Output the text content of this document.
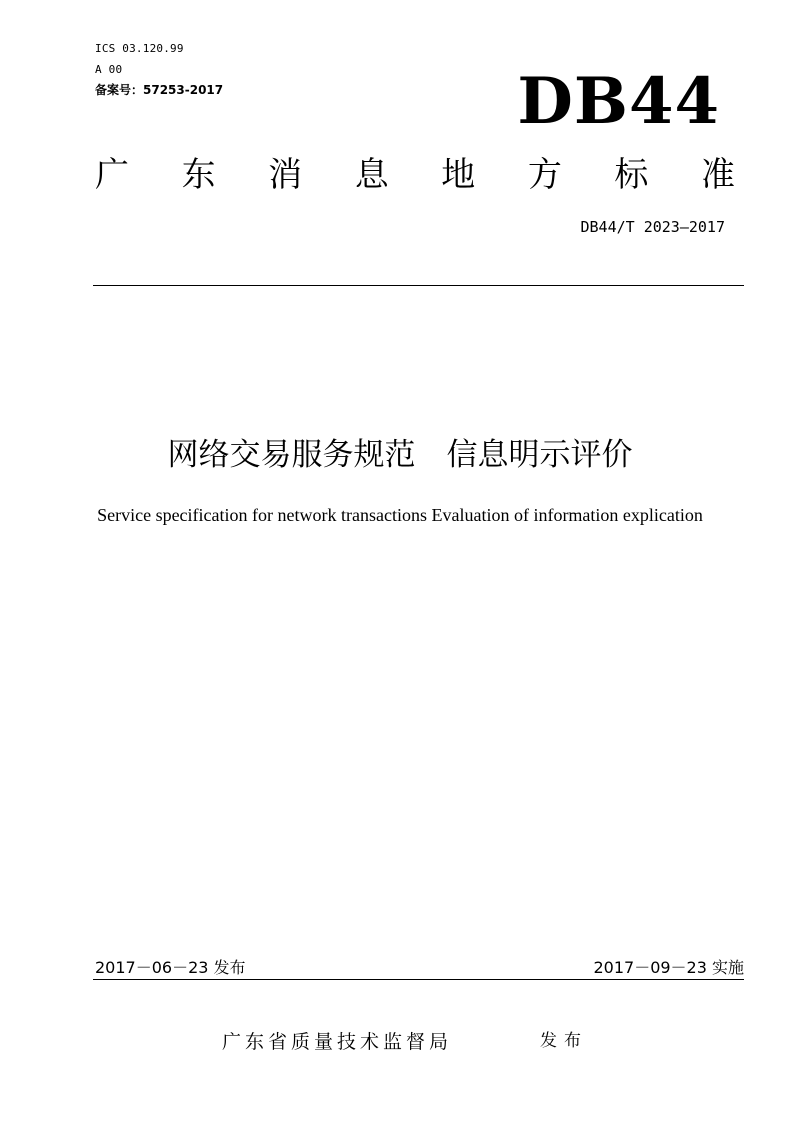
ICS 03.120.99
A 00
备案号：57253-2017	DB44
广 东 消 息 地 方 标 准
DB44/T 2023—2017
网络交易服务规范　信息明示评价
Service specification for network transactions Evaluation of information explication
2017－06－23 发布	2017－09－23 实施
广东省质量技术监督局	发布
